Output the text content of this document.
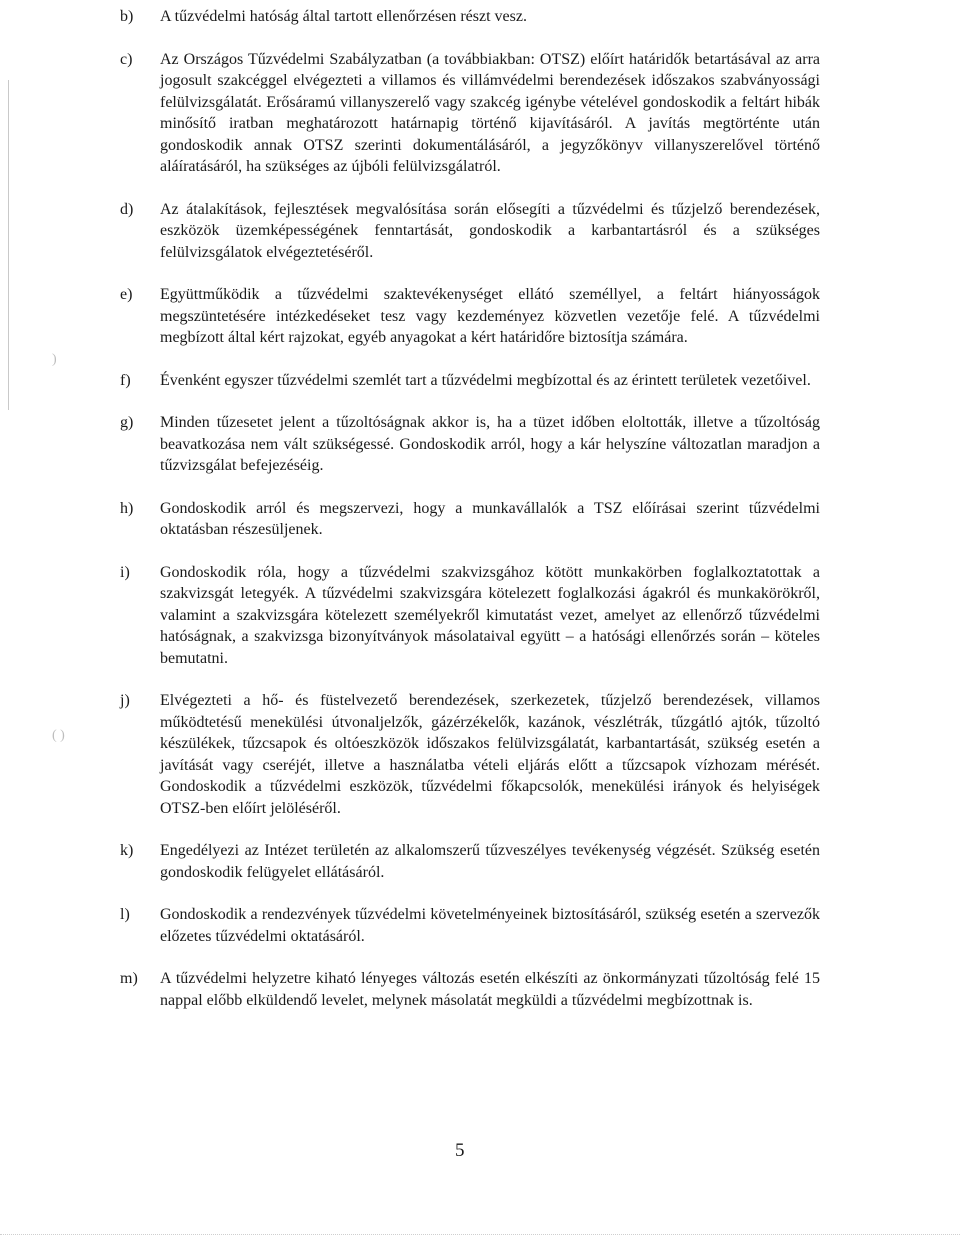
)
( )
b)	A tűzvédelmi hatóság által tartott ellenőrzésen részt vesz.
c)	Az Országos Tűzvédelmi Szabályzatban (a továbbiakban: OTSZ) előírt határidők betartásával az arra jogosult szakcéggel elvégezteti a villamos és villámvédelmi berendezések időszakos szabványossági felülvizsgálatát. Erősáramú villanyszerelő vagy szakcég igénybe vételével gondoskodik a feltárt hibák minősítő iratban meghatározott határnapig történő kijavításáról. A javítás megtörténte után gondoskodik annak OTSZ szerinti dokumentálásáról, a jegyzőkönyv villanyszerelővel történő aláíratásáról, ha szükséges az újbóli felülvizsgálatról.
d)	Az átalakítások, fejlesztések megvalósítása során elősegíti a tűzvédelmi és tűzjelző berendezések, eszközök üzemképességének fenntartását, gondoskodik a karbantartásról és a szükséges felülvizsgálatok elvégeztetéséről.
e)	Együttműködik a tűzvédelmi szaktevékenységet ellátó személlyel, a feltárt hiányosságok megszüntetésére intézkedéseket tesz vagy kezdeményez közvetlen vezetője felé. A tűzvédelmi megbízott által kért rajzokat, egyéb anyagokat a kért határidőre biztosítja számára.
f)	Évenként egyszer tűzvédelmi szemlét tart a tűzvédelmi megbízottal és az érintett területek vezetőivel.
g)	Minden tűzesetet jelent a tűzoltóságnak akkor is, ha a tüzet időben eloltották, illetve a tűzoltóság beavatkozása nem vált szükségessé. Gondoskodik arról, hogy a kár helyszíne változatlan maradjon a tűzvizsgálat befejezéséig.
h)	Gondoskodik arról és megszervezi, hogy a munkavállalók a TSZ előírásai szerint tűzvédelmi oktatásban részesüljenek.
i)	Gondoskodik róla, hogy a tűzvédelmi szakvizsgához kötött munkakörben foglalkoztatottak a szakvizsgát letegyék. A tűzvédelmi szakvizsgára kötelezett foglalkozási ágakról és munkakörökről, valamint a szakvizsgára kötelezett személyekről kimutatást vezet, amelyet az ellenőrző tűzvédelmi hatóságnak, a szakvizsga bizonyítványok másolataival együtt – a hatósági ellenőrzés során – köteles bemutatni.
j)	Elvégezteti a hő- és füstelvezető berendezések, szerkezetek, tűzjelző berendezések, villamos működtetésű menekülési útvonaljelzők, gázérzékelők, kazánok, vészlétrák, tűzgátló ajtók, tűzoltó készülékek, tűzcsapok és oltóeszközök időszakos felülvizsgálatát, karbantartását, szükség esetén a javítását vagy cseréjét, illetve a használatba vételi eljárás előtt a tűzcsapok vízhozam mérését. Gondoskodik a tűzvédelmi eszközök, tűzvédelmi főkapcsolók, menekülési irányok és helyiségek OTSZ-ben előírt jelöléséről.
k)	Engedélyezi az Intézet területén az alkalomszerű tűzveszélyes tevékenység végzését. Szükség esetén gondoskodik felügyelet ellátásáról.
l)	Gondoskodik a rendezvények tűzvédelmi követelményeinek biztosításáról, szükség esetén a szervezők előzetes tűzvédelmi oktatásáról.
m)	A tűzvédelmi helyzetre kiható lényeges változás esetén elkészíti az önkormányzati tűzoltóság felé 15 nappal előbb elküldendő levelet, melynek másolatát megküldi a tűzvédelmi megbízottnak is.
5
